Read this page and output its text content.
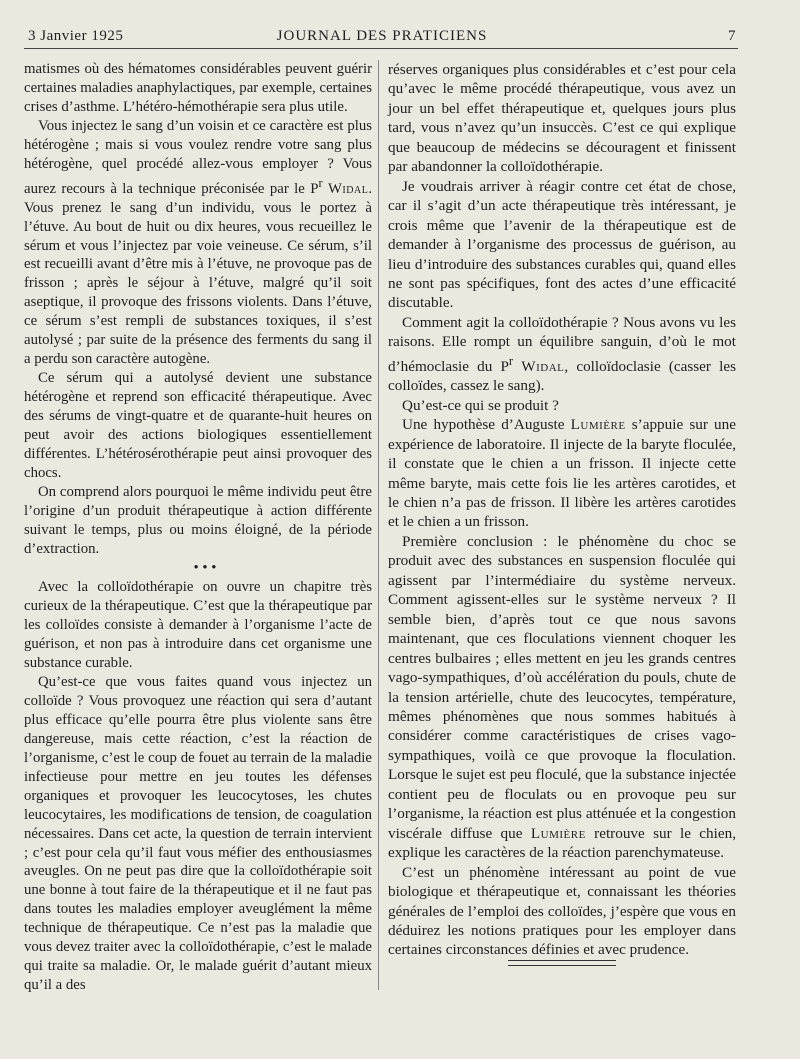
3 Janvier 1925	JOURNAL DES PRATICIENS	7

matismes où des hématomes considérables peuvent guérir certaines maladies anaphylactiques, par exemple, certaines crises d’asthme. L’hétéro-hémothérapie sera plus utile.

Vous injectez le sang d’un voisin et ce caractère est plus hétérogène ; mais si vous voulez rendre votre sang plus hétérogène, quel procédé allez-vous employer ? Vous aurez recours à la technique préconisée par le $P^r$ Widal. Vous prenez le sang d’un individu, vous le portez à l’étuve. Au bout de huit ou dix heures, vous recueillez le sérum et vous l’injectez par voie veineuse. Ce sérum, s’il est recueilli avant d’être mis à l’étuve, ne provoque pas de frisson ; après le séjour à l’étuve, malgré qu’il soit aseptique, il provoque des frissons violents. Dans l’étuve, ce sérum s’est rempli de substances toxiques, il s’est autolysé ; par suite de la présence des ferments du sang il a perdu son caractère autogène.

Ce sérum qui a autolysé devient une substance hétérogène et reprend son efficacité thérapeutique. Avec des sérums de vingt-quatre et de quarante-huit heures on peut avoir des actions biologiques essentiellement différentes. L’hétérosérothérapie peut ainsi provoquer des chocs.

On comprend alors pourquoi le même individu peut être l’origine d’un produit thérapeutique à action différente suivant le temps, plus ou moins éloigné, de la période d’extraction.

• • •

Avec la colloïdothérapie on ouvre un chapitre très curieux de la thérapeutique. C’est que la thérapeutique par les colloïdes consiste à demander à l’organisme l’acte de guérison, et non pas à introduire dans cet organisme une substance curable.

Qu’est-ce que vous faites quand vous injectez un colloïde ? Vous provoquez une réaction qui sera d’autant plus efficace qu’elle pourra être plus violente sans être dangereuse, mais cette réaction, c’est la réaction de l’organisme, c’est le coup de fouet au terrain de la maladie infectieuse pour mettre en jeu toutes les défenses organiques et provoquer les leucocytoses, les chutes leucocytaires, les modifications de tension, de coagulation nécessaires. Dans cet acte, la question de terrain intervient ; c’est pour cela qu’il faut vous méfier des enthousiasmes aveugles. On ne peut pas dire que la colloïdothérapie soit une bonne à tout faire de la thérapeutique et il ne faut pas dans toutes les maladies employer aveuglément la même technique de thérapeutique. Ce n’est pas la maladie que vous devez traiter avec la colloïdothérapie, c’est le malade qui traite sa maladie. Or, le malade guérit d’autant mieux qu’il a des

réserves organiques plus considérables et c’est pour cela qu’avec le même procédé thérapeutique, vous avez un jour un bel effet thérapeutique et, quelques jours plus tard, vous n’avez qu’un insuccès. C’est ce qui explique que beaucoup de médecins se découragent et finissent par abandonner la colloïdothérapie.

Je voudrais arriver à réagir contre cet état de chose, car il s’agit d’un acte thérapeutique très intéressant, je crois même que l’avenir de la thérapeutique est de demander à l’organisme des processus de guérison, au lieu d’introduire des substances curables qui, quand elles ne sont pas spécifiques, font des actes d’une efficacité discutable.

Comment agit la colloïdothérapie ? Nous avons vu les raisons. Elle rompt un équilibre sanguin, d’où le mot d’hémoclasie du $P^r$ Widal, colloïdoclasie (casser les colloïdes, cassez le sang).

Qu’est-ce qui se produit ?

Une hypothèse d’Auguste Lumière s’appuie sur une expérience de laboratoire. Il injecte de la baryte floculée, il constate que le chien a un frisson. Il injecte cette même baryte, mais cette fois lie les artères carotides, et le chien n’a pas de frisson. Il libère les artères carotides et le chien a un frisson.

Première conclusion : le phénomène du choc se produit avec des substances en suspension floculée qui agissent par l’intermédiaire du système nerveux. Comment agissent-elles sur le système nerveux ? Il semble bien, d’après tout ce que nous savons maintenant, que ces floculations viennent choquer les centres bulbaires ; elles mettent en jeu les grands centres vago-sympathiques, d’où accélération du pouls, chute de la tension artérielle, chute des leucocytes, température, mêmes phénomènes que nous sommes habitués à considérer comme caractéristiques de crises vago-sympathiques, voilà ce que provoque la floculation. Lorsque le sujet est peu floculé, que la substance injectée contient peu de floculats ou en provoque peu sur l’organisme, la réaction est plus atténuée et la congestion viscérale diffuse que Lumière retrouve sur le chien, explique les caractères de la réaction parenchymateuse.

C’est un phénomène intéressant au point de vue biologique et thérapeutique et, connaissant les théories générales de l’emploi des colloïdes, j’espère que vous en déduirez les notions pratiques pour les employer dans certaines circonstances définies et avec prudence.
